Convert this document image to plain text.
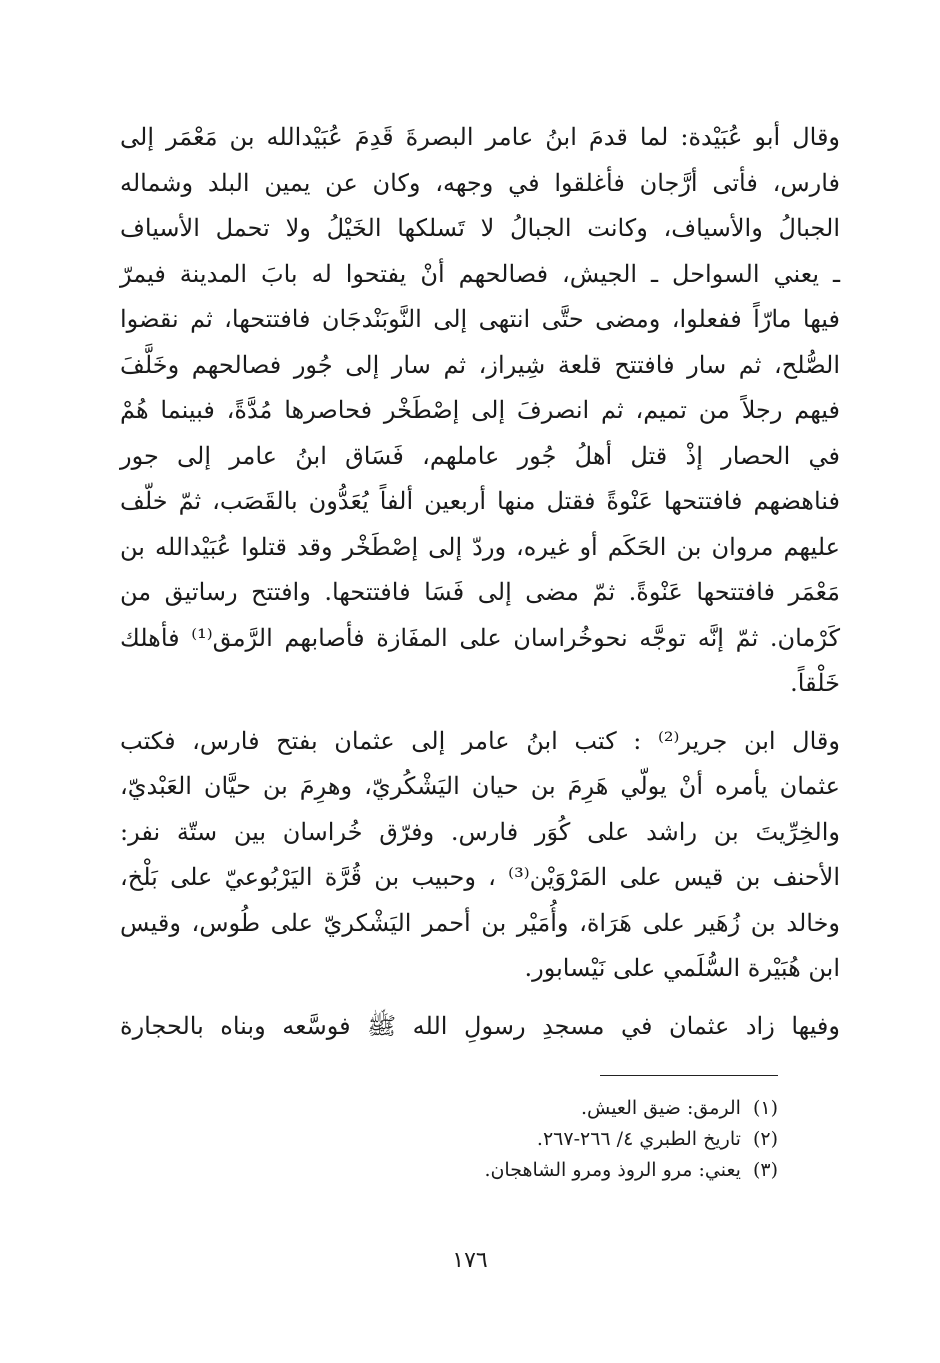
وقال أبو عُبَيْدة: لما قدمَ ابنُ عامر البصرةَ قَدِمَ عُبَيْدالله بن مَعْمَر إلى
فارس، فأتى أرَّجان فأغلقوا في وجهه، وكان عن يمين البلد وشماله
الجبالُ والأسياف، وكانت الجبالُ لا تَسلكها الخَيْلُ ولا تحمل الأسياف
ـ يعني السواحل ـ الجيش، فصالحهم أنْ يفتحوا له بابَ المدينة فيمرّ
فيها مارّاً ففعلوا، ومضى حتَّى انتهى إلى النَّوبَنْدجَان فافتتحها، ثم نقضوا
الصُّلح، ثم سار فافتتح قلعة شِيراز، ثم سار إلى جُور فصالحهم وخَلَّفَ
فيهم رجلاً من تميم، ثم انصرفَ إلى إصْطَخْر فحاصرها مُدَّةً، فبينما هُمْ
في الحصار إذْ قتل أهلُ جُور عاملهم، فَسَاق ابنُ عامر إلى جور
فناهضهم فافتتحها عَنْوةً فقتل منها أربعين ألفاً يُعَدُّون بالقَصَب، ثمّ خلّف
عليهم مروان بن الحَكَم أو غيره، وردّ إلى إصْطَخْر وقد قتلوا عُبَيْدالله بن
مَعْمَر فافتتحها عَنْوةً. ثمّ مضى إلى فَسَا فافتتحها. وافتتح رساتيق من
كَرْمان. ثمّ إنَّه توجَّه نحوخُراسان على المفَازة فأصابهم الرَّمق⁽¹⁾ فأهلك
خَلْقاً.
وقال ابن جرير⁽²⁾ : كتب ابنُ عامر إلى عثمان بفتح فارس، فكتب
عثمان يأمره أنْ يولّي هَرِمَ بن حيان اليَشْكُريّ، وهرِمَ بن حيَّان العَبْديّ،
والخِرِّيتَ بن راشد على كُوَر فارس. وفرّق خُراسان بين ستّة نفر:
الأحنف بن قيس على المَرْوَيْن⁽³⁾ ، وحبيب بن قُرَّة اليَرْبُوعيّ على بَلْخ،
وخالد بن زُهَير على هَرَاة، وأُمَيْر بن أحمر اليَشْكريّ على طُوس، وقيس
ابن هُبَيْرة السُّلَمي على نَيْسابور.
وفيها زاد عثمان في مسجدِ رسولِ الله ﷺ فوسَّعه وبناه بالحجارة
(١)الرمق: ضيق العيش.
(٢)تاريخ الطبري ٤/ ٢٦٦-٢٦٧.
(٣)يعني: مرو الروذ ومرو الشاهجان.
١٧٦
